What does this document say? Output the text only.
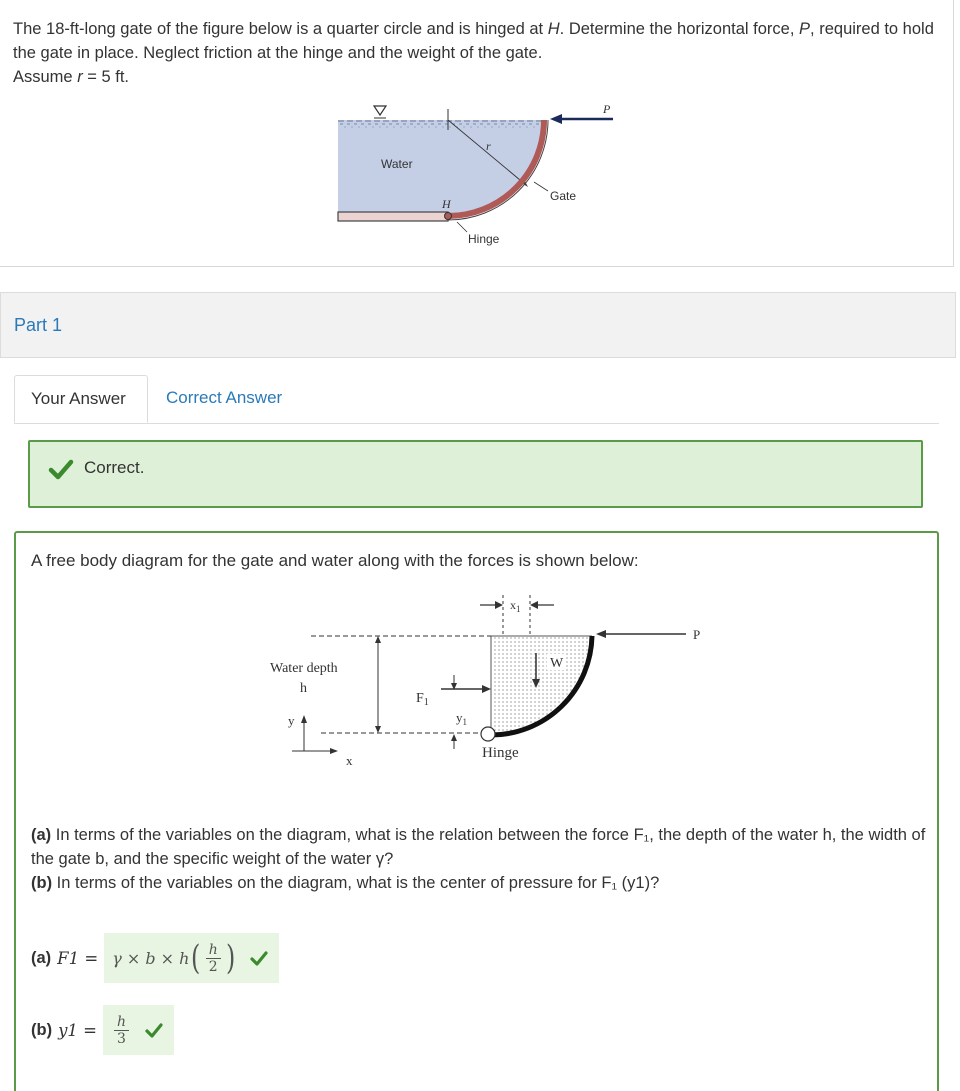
The 18-ft-long gate of the figure below is a quarter circle and is hinged at H. Determine the horizontal force, P, required to hold the gate in place. Neglect friction at the hinge and the weight of the gate.

Assume r = 5 ft.

r
H
P
Water
Gate
Hinge
Part 1
Your Answer	Correct Answer
Correct.
A free body diagram for the gate and water along with the forces is shown below:
Hinge
Water depth
h
y
x
$F_1$
$y_1$
$x_1$
W
P

(a) In terms of the variables on the diagram, what is the relation between the force F₁, the depth of the water h, the width of the gate b, and the specific weight of the water γ?

(b) In terms of the variables on the diagram, what is the center of pressure for F₁ (y1)?

(a) F1 = γ × b × h ( $\frac{h}{2}$ )
(b) $y1 = \frac{h}{3}$
